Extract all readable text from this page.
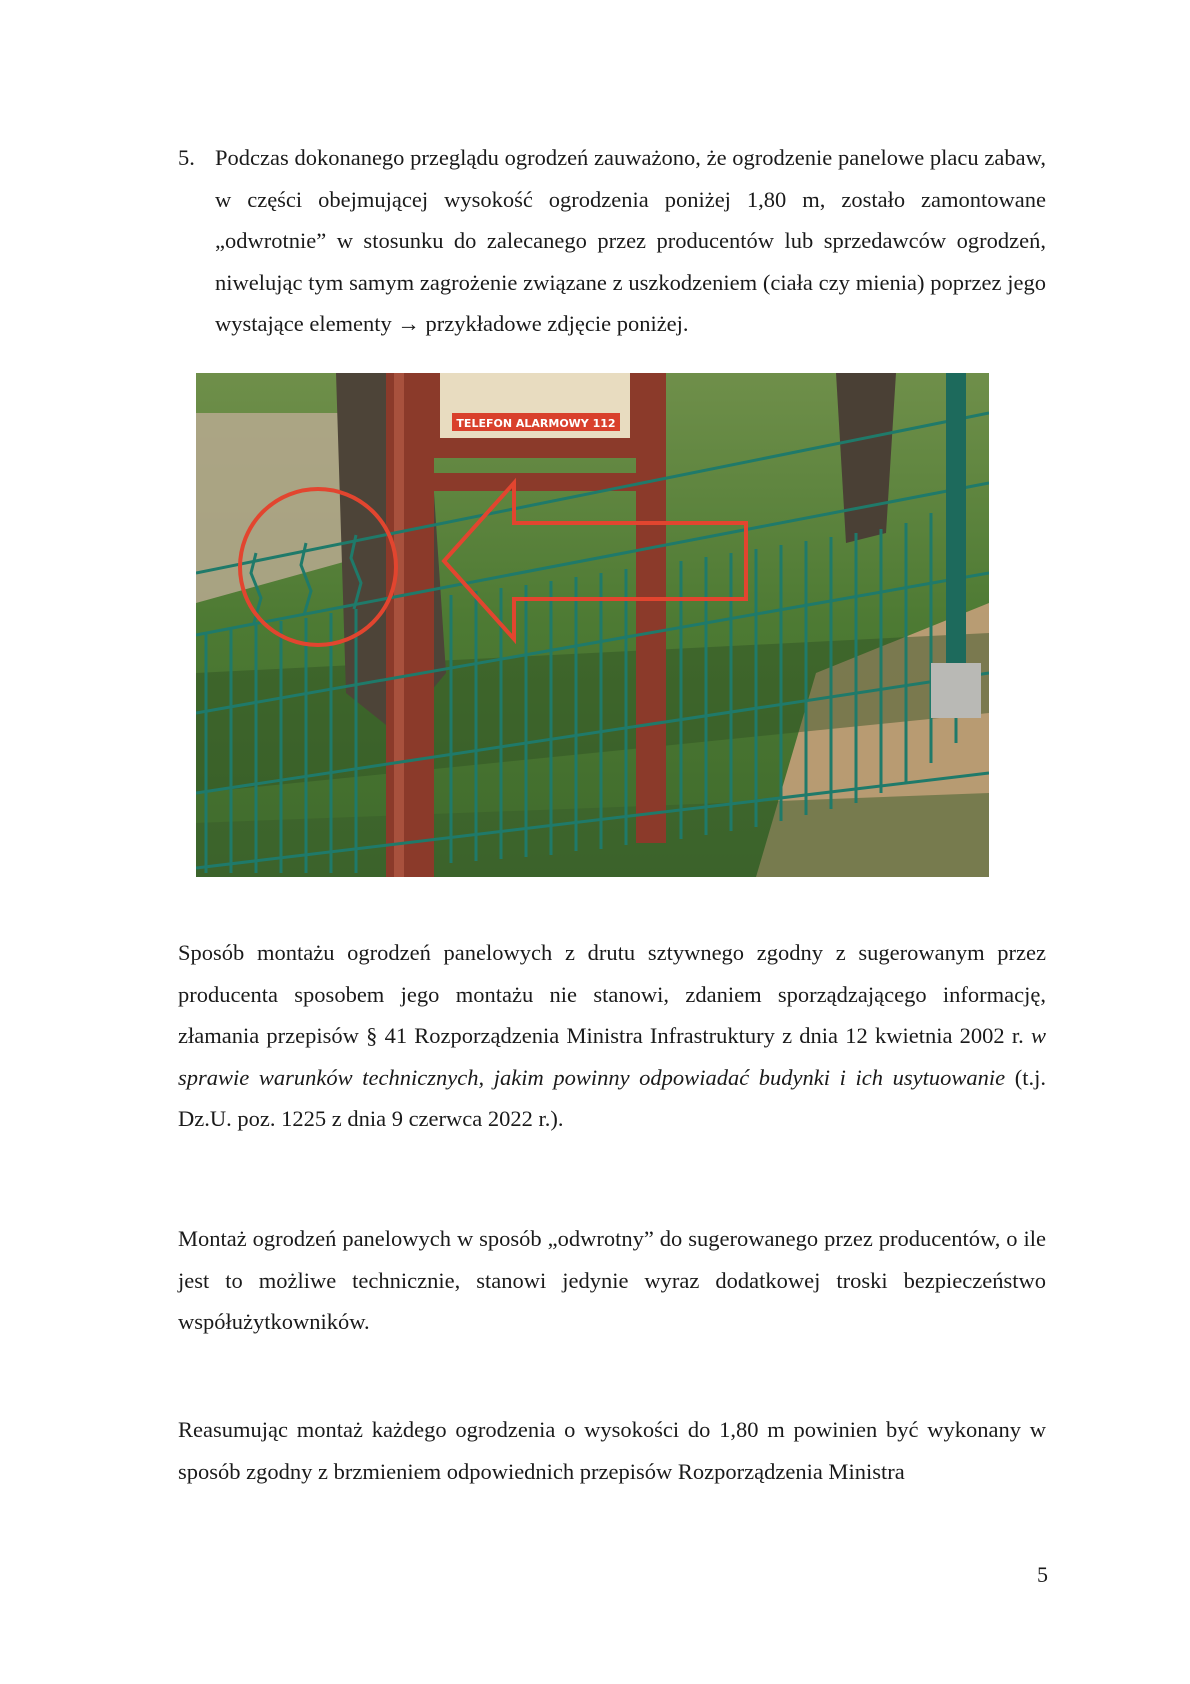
5. Podczas dokonanego przeglądu ogrodzeń zauważono, że ogrodzenie panelowe placu zabaw, w części obejmującej wysokość ogrodzenia poniżej 1,80 m, zostało zamontowane „odwrotnie” w stosunku do zalecanego przez producentów lub sprzedawców ogrodzeń, niwelując tym samym zagrożenie związane z uszkodzeniem (ciała czy mienia) poprzez jego wystające elementy → przykładowe zdjęcie poniżej.
TELEFON ALARMOWY 112
Sposób montażu ogrodzeń panelowych z drutu sztywnego zgodny z sugerowanym przez producenta sposobem jego montażu nie stanowi, zdaniem sporządzającego informację, złamania przepisów § 41 Rozporządzenia Ministra Infrastruktury z dnia 12 kwietnia 2002 r. w sprawie warunków technicznych, jakim powinny odpowiadać budynki i ich usytuowanie (t.j. Dz.U. poz. 1225 z dnia 9 czerwca 2022 r.).
Montaż ogrodzeń panelowych w sposób „odwrotny” do sugerowanego przez producentów, o ile jest to możliwe technicznie, stanowi jedynie wyraz dodatkowej troski bezpieczeństwo współużytkowników.
Reasumując montaż każdego ogrodzenia o wysokości do 1,80 m powinien być wykonany w sposób zgodny z brzmieniem odpowiednich przepisów Rozporządzenia Ministra
5
